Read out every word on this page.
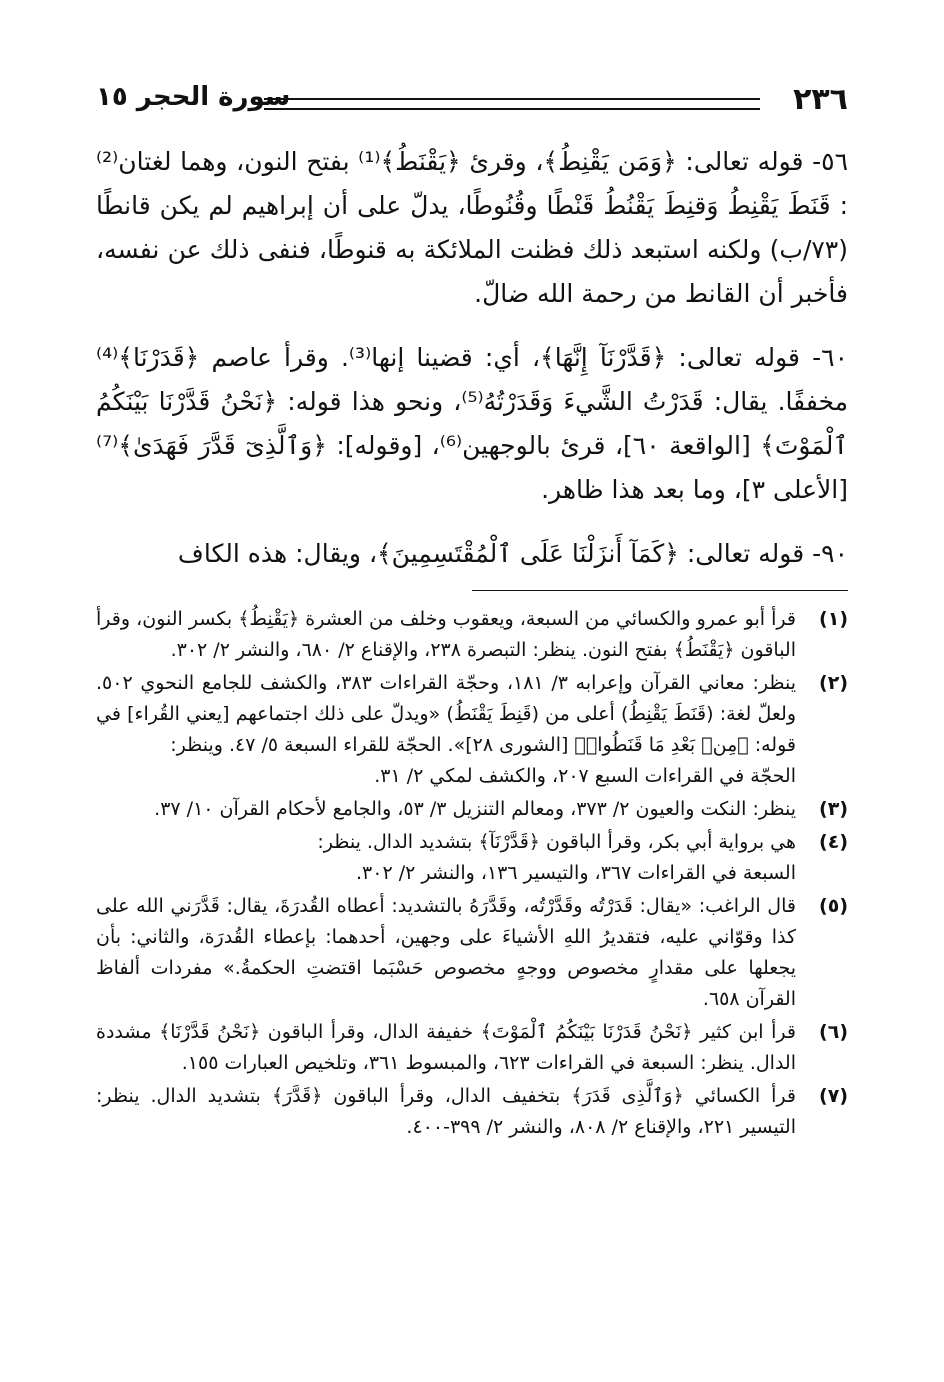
٢٣٦
سورة الحجر ١٥

٥٦- قوله تعالى: ﴿وَمَن يَقْنِطُ﴾، وقرئ ﴿يَقْنَطُ﴾⁽¹⁾ بفتح النون، وهما لغتان⁽²⁾ : قَنَطَ يَقْنِطُ وَقنِطَ يَقْنُطُ قَنْطًا وقُنُوطًا، يدلّ على أن إبراهيم لم يكن قانطًا (٧٣/ب) ولكنه استبعد ذلك فظنت الملائكة به قنوطًا، فنفى ذلك عن نفسه، فأخبر أن القانط من رحمة الله ضالّ.

٦٠- قوله تعالى: ﴿قَدَّرْنَآ إِنَّهَا﴾، أي: قضينا إنها⁽³⁾. وقرأ عاصم ﴿قَدَرْنَا﴾⁽⁴⁾ مخففًا. يقال: قَدَرْتُ الشَّيءَ وَقَدَرْتُهُ⁽⁵⁾، ونحو هذا قوله: ﴿نَحْنُ قَدَّرْنَا بَيْنَكُمُ ٱلْمَوْتَ﴾ [الواقعة ٦٠]، قرئ بالوجهين⁽⁶⁾، [وقوله]: ﴿وَٱلَّذِىٓ قَدَّرَ فَهَدَىٰ﴾⁽⁷⁾ [الأعلى ٣]، وما بعد هذا ظاهر.

٩٠- قوله تعالى: ﴿كَمَآ أَنزَلْنَا عَلَى ٱلْمُقْتَسِمِينَ﴾، ويقال: هذه الكاف

(١)
قرأ أبو عمرو والكسائي من السبعة، ويعقوب وخلف من العشرة ﴿يَقْنِطُ﴾ بكسر النون، وقرأ الباقون ﴿يَقْنَطُ﴾ بفتح النون. ينظر: التبصرة ٢٣٨، والإقناع ٢/ ٦٨٠، والنشر ٢/ ٣٠٢.
(٢)
ينظر: معاني القرآن وإعرابه ٣/ ١٨١، وحجّة القراءات ٣٨٣، والكشف للجامع النحوي ٥٠٢. ولعلّ لغة: (قَنَطَ يَقْنِطُ) أعلى من (قَنِطَ يَقْنَطُ) «ويدلّ على ذلك اجتماعهم [يعني القُراء] في قوله: ﴿مِنۢ بَعْدِ مَا قَنَطُوا۟﴾ [الشورى ٢٨]». الحجّة للقراء السبعة ٥/ ٤٧. وينظر:
الحجّة في القراءات السبع ٢٠٧، والكشف لمكي ٢/ ٣١.
(٣)
ينظر: النكت والعيون ٢/ ٣٧٣، ومعالم التنزيل ٣/ ٥٣، والجامع لأحكام القرآن ١٠/ ٣٧.
(٤)
هي برواية أبي بكر، وقرأ الباقون ﴿قَدَّرْنَآ﴾ بتشديد الدال. ينظر:
السبعة في القراءات ٣٦٧، والتيسير ١٣٦، والنشر ٢/ ٣٠٢.
(٥)
قال الراغب: «يقال: قَدَرْتُه وقَدَّرْتُه، وقَدَّرَهُ بالتشديد: أعطاه القُدرَةَ، يقال: قَدَّرَني الله على كذا وقوّاني عليه، فتقديرُ اللهِ الأشياءَ على وجهين، أحدهما: بإعطاء القُدرَة، والثاني: بأن يجعلها على مقدارٍ مخصوص ووجهٍ مخصوص حَسْبَما اقتضتِ الحكمةُ.» مفردات ألفاظ القرآن ٦٥٨.
(٦)
قرأ ابن كثير ﴿نَحْنُ قَدَرْنَا بَيْنَكُمُ ٱلْمَوْتَ﴾ خفيفة الدال، وقرأ الباقون ﴿نَحْنُ قَدَّرْنَا﴾ مشددة الدال. ينظر: السبعة في القراءات ٦٢٣، والمبسوط ٣٦١، وتلخيص العبارات ١٥٥.
(٧)
قرأ الكسائي ﴿وَٱلَّذِى قَدَرَ﴾ بتخفيف الدال، وقرأ الباقون ﴿قَدَّرَ﴾ بتشديد الدال. ينظر: التيسير ٢٢١، والإقناع ٢/ ٨٠٨، والنشر ٢/ ٣٩٩-٤٠٠.
